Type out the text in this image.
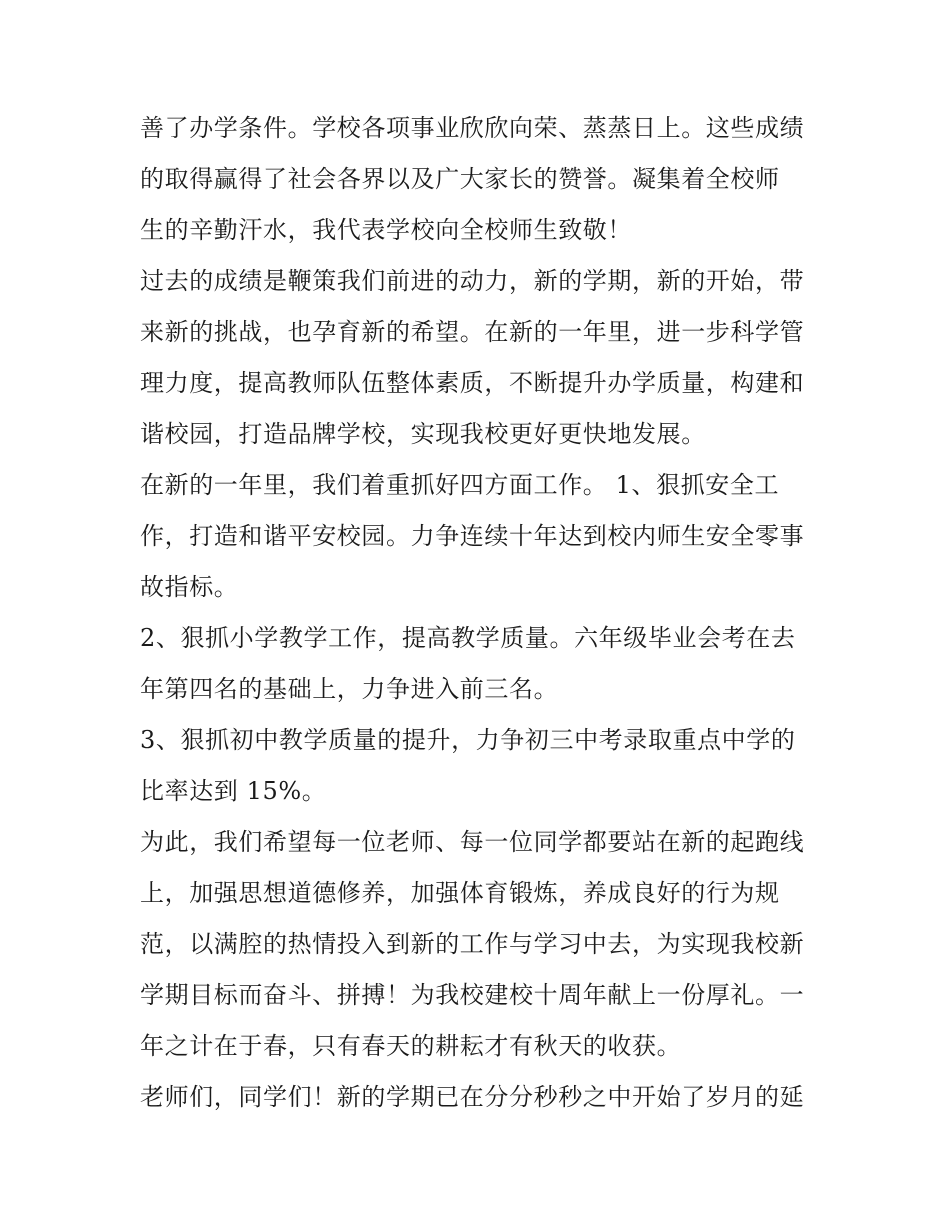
善了办学条件。学校各项事业欣欣向荣、蒸蒸日上。这些成绩
的取得赢得了社会各界以及广大家长的赞誉。凝集着全校师
生的辛勤汗水，我代表学校向全校师生致敬！
过去的成绩是鞭策我们前进的动力，新的学期，新的开始，带
来新的挑战，也孕育新的希望。在新的一年里，进一步科学管
理力度，提高教师队伍整体素质，不断提升办学质量，构建和
谐校园，打造品牌学校，实现我校更好更快地发展。
在新的一年里，我们着重抓好四方面工作。 1、狠抓安全工
作，打造和谐平安校园。力争连续十年达到校内师生安全零事
故指标。
2、狠抓小学教学工作，提高教学质量。六年级毕业会考在去
年第四名的基础上，力争进入前三名。
3、狠抓初中教学质量的提升，力争初三中考录取重点中学的
比率达到 15%。
为此，我们希望每一位老师、每一位同学都要站在新的起跑线
上，加强思想道德修养，加强体育锻炼，养成良好的行为规
范，以满腔的热情投入到新的工作与学习中去，为实现我校新
学期目标而奋斗、拼搏！为我校建校十周年献上一份厚礼。一
年之计在于春，只有春天的耕耘才有秋天的收获。
老师们，同学们！新的学期已在分分秒秒之中开始了岁月的延
